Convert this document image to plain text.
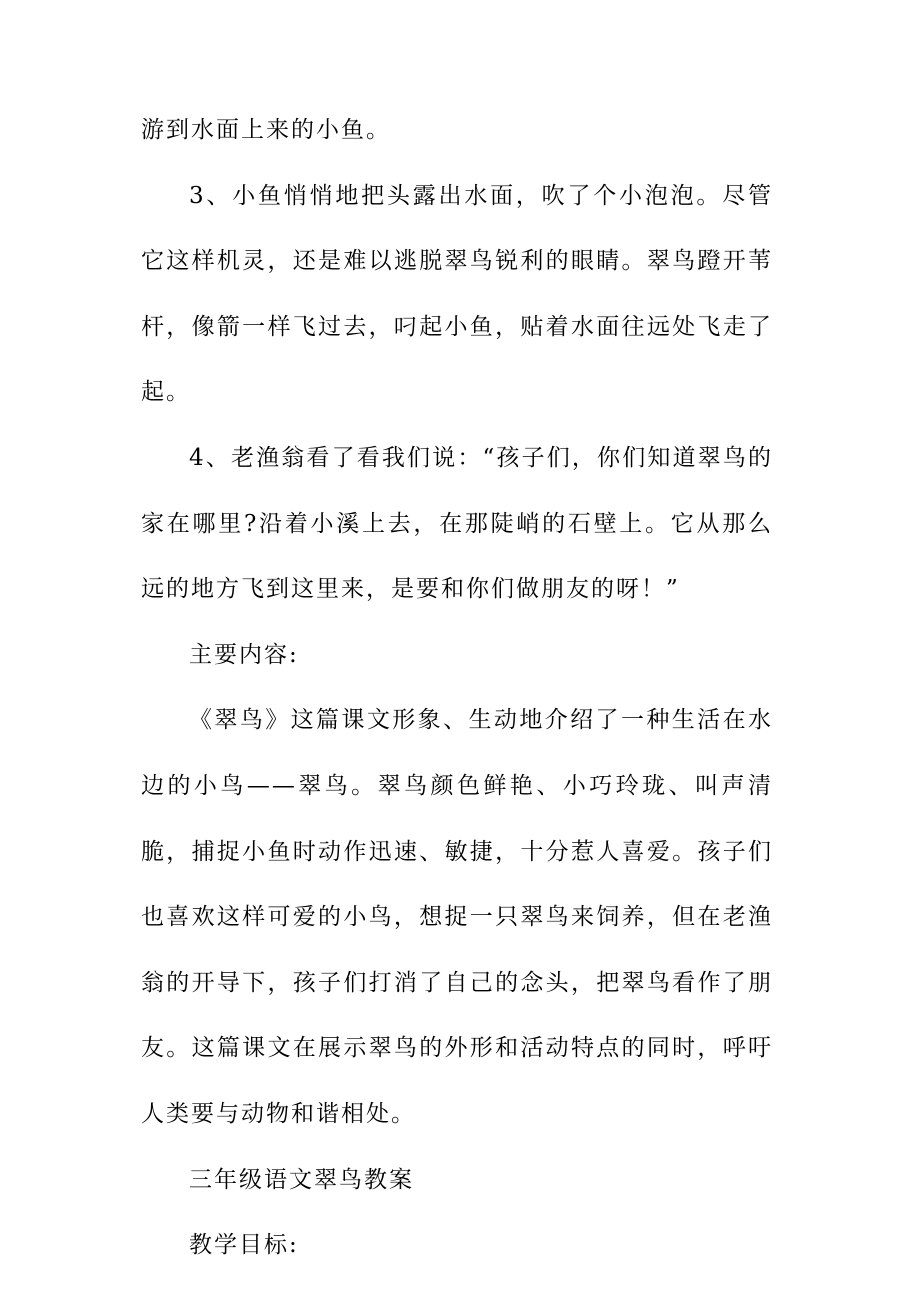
游到水面上来的小鱼。

3、小鱼悄悄地把头露出水面，吹了个小泡泡。尽管它这样机灵，还是难以逃脱翠鸟锐利的眼睛。翠鸟蹬开苇杆，像箭一样飞过去，叼起小鱼，贴着水面往远处飞走了起。

4、老渔翁看了看我们说：“孩子们，你们知道翠鸟的家在哪里?沿着小溪上去，在那陡峭的石壁上。它从那么远的地方飞到这里来，是要和你们做朋友的呀！”

主要内容:

《翠鸟》这篇课文形象、生动地介绍了一种生活在水边的小鸟——翠鸟。翠鸟颜色鲜艳、小巧玲珑、叫声清脆，捕捉小鱼时动作迅速、敏捷，十分惹人喜爱。孩子们也喜欢这样可爱的小鸟，想捉一只翠鸟来饲养，但在老渔翁的开导下，孩子们打消了自己的念头，把翠鸟看作了朋友。这篇课文在展示翠鸟的外形和活动特点的同时，呼吁人类要与动物和谐相处。

三年级语文翠鸟教案

教学目标:
